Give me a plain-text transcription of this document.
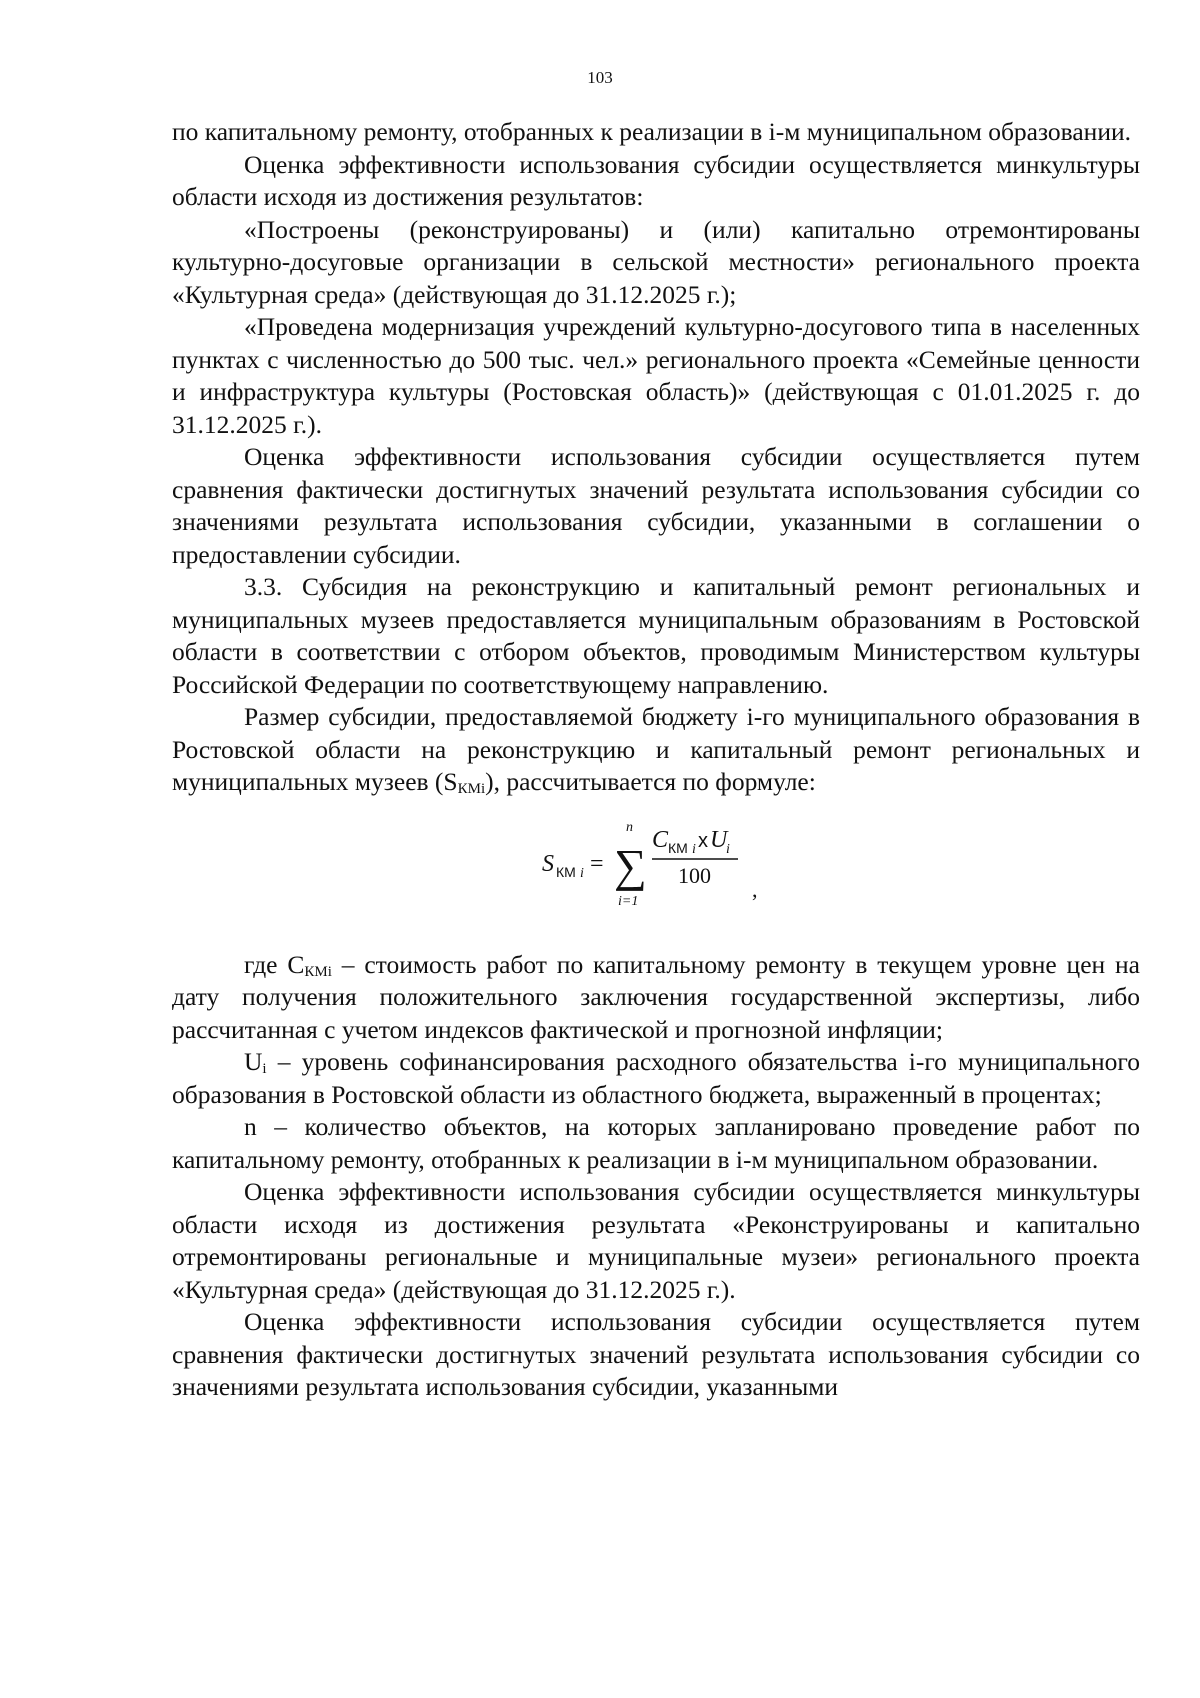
103

по капитальному ремонту, отобранных к реализации в i-м муниципальном образовании.

Оценка эффективности использования субсидии осуществляется минкультуры области исходя из достижения результатов:

«Построены (реконструированы) и (или) капитально отремонтированы культурно-досуговые организации в сельской местности» регионального проекта «Культурная среда» (действующая до 31.12.2025 г.);

«Проведена модернизация учреждений культурно-досугового типа в населенных пунктах с численностью до 500 тыс. чел.» регионального проекта «Семейные ценности и инфраструктура культуры (Ростовская область)» (действующая с 01.01.2025 г. до 31.12.2025 г.).

Оценка эффективности использования субсидии осуществляется путем сравнения фактически достигнутых значений результата использования субсидии со значениями результата использования субсидии, указанными в соглашении о предоставлении субсидии.

3.3. Субсидия на реконструкцию и капитальный ремонт региональных и муниципальных музеев предоставляется муниципальным образованиям в Ростовской области в соответствии с отбором объектов, проводимым Министерством культуры Российской Федерации по соответствующему направлению.

Размер субсидии, предоставляемой бюджету i-го муниципального образования в Ростовской области на реконструкцию и капитальный ремонт региональных и муниципальных музеев $(S_{КМi})$, рассчитывается по формуле:

S КМ i =
n
∑
i=1
C КМ i x U
i
100
,

где $С_{КМi}$ – стоимость работ по капитальному ремонту в текущем уровне цен на дату получения положительного заключения государственной экспертизы, либо рассчитанная с учетом индексов фактической и прогнозной инфляции;

$U_i$ – уровень софинансирования расходного обязательства i-го муниципального образования в Ростовской области из областного бюджета, выраженный в процентах;

n – количество объектов, на которых запланировано проведение работ по капитальному ремонту, отобранных к реализации в i-м муниципальном образовании.

Оценка эффективности использования субсидии осуществляется минкультуры области исходя из достижения результата «Реконструированы и капитально отремонтированы региональные и муниципальные музеи» регионального проекта «Культурная среда» (действующая до 31.12.2025 г.).

Оценка эффективности использования субсидии осуществляется путем сравнения фактически достигнутых значений результата использования субсидии со значениями результата использования субсидии, указанными
